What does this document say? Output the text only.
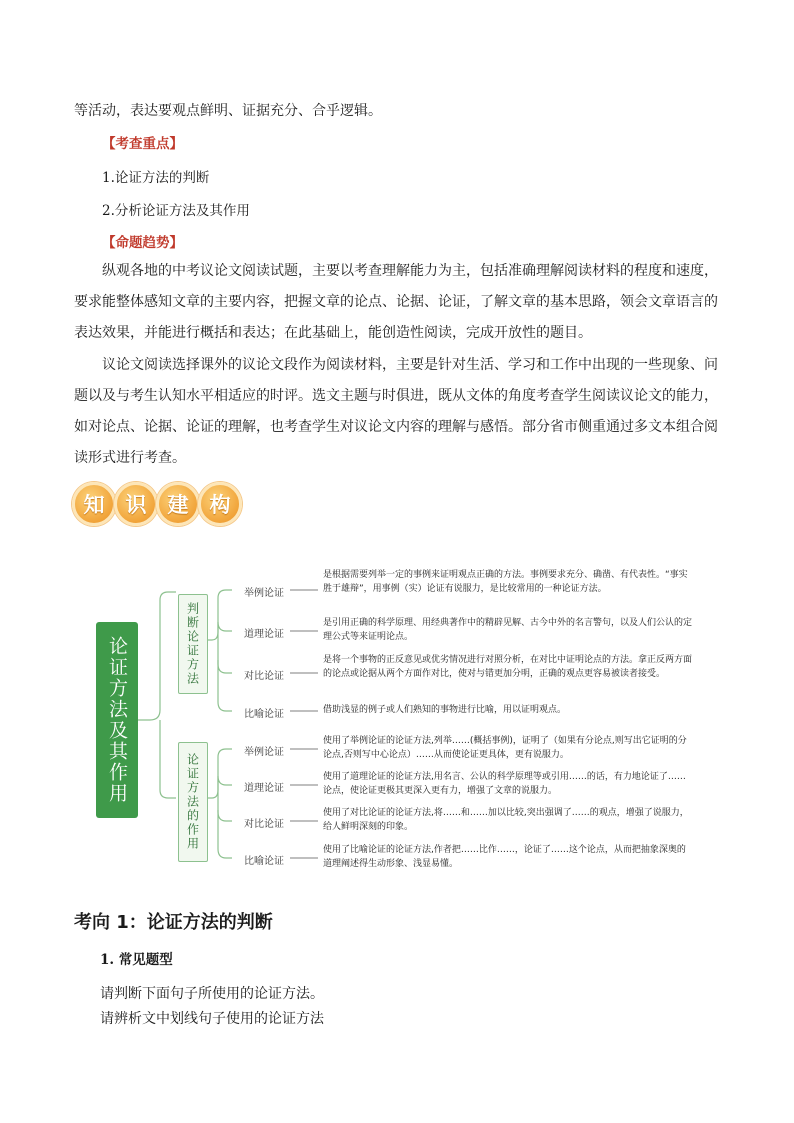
等活动，表达要观点鲜明、证据充分、合乎逻辑。

【考查重点】
1.论证方法的判断
2.分析论证方法及其作用
【命题趋势】

纵观各地的中考议论文阅读试题，主要以考查理解能力为主，包括准确理解阅读材料的程度和速度，要求能整体感知文章的主要内容，把握文章的论点、论据、论证，了解文章的基本思路，领会文章语言的表达效果，并能进行概括和表达；在此基础上，能创造性阅读，完成开放性的题目。

议论文阅读选择课外的议论文段作为阅读材料，主要是针对生活、学习和工作中出现的一些现象、问题以及与考生认知水平相适应的时评。选文主题与时俱进，既从文体的角度考查学生阅读议论文的能力，如对论点、论据、论证的理解，也考查学生对议论文内容的理解与感悟。部分省市侧重通过多文本组合阅读形式进行考查。

知	识	建	构
论证方法及其作用	判断论证方法
论证方法的作用
举例论证
道理论证
对比论证
比喻论证
举例论证
道理论证
对比论证
比喻论证
是根据需要列举一定的事例来证明观点正确的方法。事例要求充分、确凿、有代表性。“事实胜于雄辩”，用事例（实）论证有说服力，是比较常用的一种论证方法。
是引用正确的科学原理、用经典著作中的精辟见解、古今中外的名言警句，以及人们公认的定理公式等来证明论点。
是将一个事物的正反意见或优劣情况进行对照分析，在对比中证明论点的方法。拿正反两方面的论点或论据从两个方面作对比，使对与错更加分明，正确的观点更容易被读者接受。
借助浅显的例子或人们熟知的事物进行比喻，用以证明观点。
使用了举例论证的论证方法,列举……(概括事例)，证明了（如果有分论点,则写出它证明的分论点,否则写中心论点）……从而使论证更具体，更有说服力。
使用了道理论证的论证方法,用名言、公认的科学原理等或引用……的话，有力地论证了……论点，使论证更极其更深入更有力，增强了文章的说服力。
使用了对比论证的论证方法,将……和……加以比较,突出强调了……的观点，增强了说服力，给人鲜明深刻的印象。
使用了比喻论证的论证方法,作者把……比作……，论证了……这个论点，从而把抽象深奥的道理阐述得生动形象、浅显易懂。
考向 1：论证方法的判断
1. 常见题型
请判断下面句子所使用的论证方法。
请辨析文中划线句子使用的论证方法
